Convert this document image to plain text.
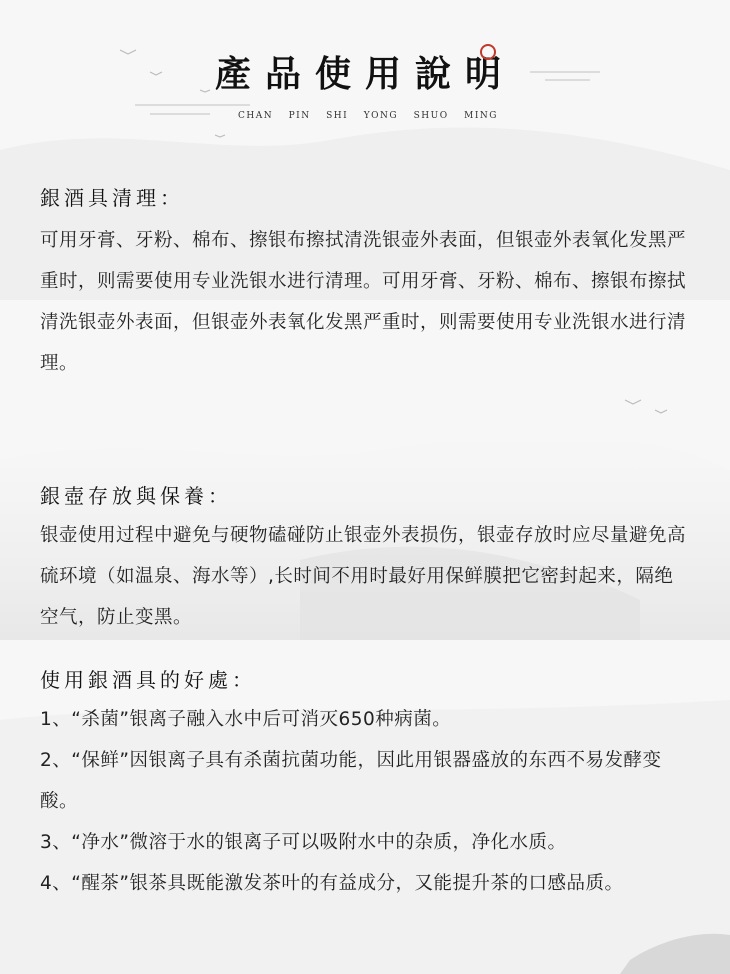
產品使用說明
CHAN PIN SHI YONG SHUO MING
銀酒具清理：
可用牙膏、牙粉、棉布、擦银布擦拭清洗银壶外表面，但银壶外表氧化发黑严重时，则需要使用专业洗银水进行清理。可用牙膏、牙粉、棉布、擦银布擦拭清洗银壶外表面，但银壶外表氧化发黑严重时，则需要使用专业洗银水进行清理。
銀壺存放與保養：
银壶使用过程中避免与硬物磕碰防止银壶外表损伤，银壶存放时应尽量避免高硫环境（如温泉、海水等）,长时间不用时最好用保鲜膜把它密封起来，隔绝空气，防止变黑。
使用銀酒具的好處：

1、“杀菌”银离子融入水中后可消灭650种病菌。

2、“保鲜”因银离子具有杀菌抗菌功能，因此用银器盛放的东西不易发酵变酸。

3、“净水”微溶于水的银离子可以吸附水中的杂质，净化水质。

4、“醒茶”银茶具既能激发茶叶的有益成分，又能提升茶的口感品质。
